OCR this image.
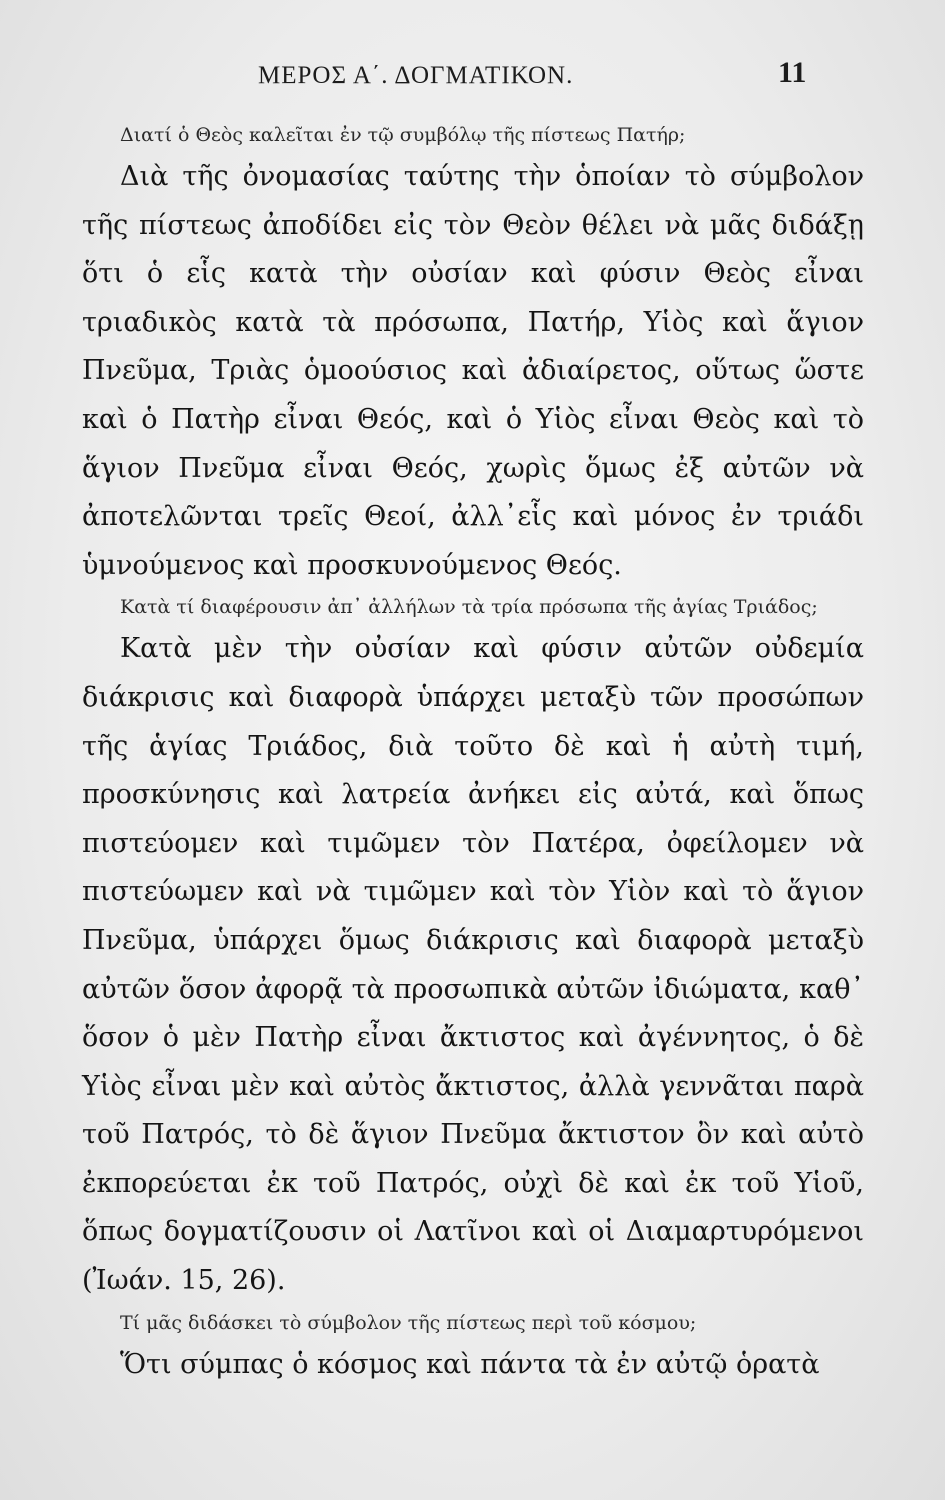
ΜΕΡΟΣ Α΄. ΔΟΓΜΑΤΙΚΟΝ.	11

Διατί ὁ Θεὸς καλεῖται ἐν τῷ συμβόλῳ τῆς πίστεως Πατήρ;

Διὰ τῆς ὀνομασίας ταύτης τὴν ὁποίαν τὸ σύμβολον τῆς πίστεως ἀποδίδει εἰς τὸν Θεὸν θέλει νὰ μᾶς διδάξῃ ὅτι ὁ εἷς κατὰ τὴν οὐσίαν καὶ φύσιν Θεὸς εἶναι τριαδικὸς κατὰ τὰ πρόσωπα, Πατήρ, Υἱὸς καὶ ἅγιον Πνεῦμα, Τριὰς ὁμοούσιος καὶ ἀδιαίρετος, οὕτως ὥστε καὶ ὁ Πατὴρ εἶναι Θεός, καὶ ὁ Υἱὸς εἶναι Θεὸς καὶ τὸ ἅγιον Πνεῦμα εἶναι Θεός, χωρὶς ὅμως ἐξ αὐτῶν νὰ ἀποτελῶνται τρεῖς Θεοί, ἀλλ᾿εἷς καὶ μόνος ἐν τριάδι ὑμνούμενος καὶ προσκυνούμενος Θεός.

Κατὰ τί διαφέρουσιν ἀπ᾿ ἀλλήλων τὰ τρία πρόσωπα τῆς ἁγίας Τριάδος;

Κατὰ μὲν τὴν οὐσίαν καὶ φύσιν αὐτῶν οὐδεμία διάκρισις καὶ διαφορὰ ὑπάρχει μεταξὺ τῶν προσώπων τῆς ἁγίας Τριάδος, διὰ τοῦτο δὲ καὶ ἡ αὐτὴ τιμή, προσκύνησις καὶ λατρεία ἀνήκει εἰς αὐτά, καὶ ὅπως πιστεύομεν καὶ τιμῶμεν τὸν Πατέρα, ὀφείλομεν νὰ πιστεύωμεν καὶ νὰ τιμῶμεν καὶ τὸν Υἱὸν καὶ τὸ ἅγιον Πνεῦμα, ὑπάρχει ὅμως διάκρισις καὶ διαφορὰ μεταξὺ αὐτῶν ὅσον ἀφορᾷ τὰ προσωπικὰ αὐτῶν ἰδιώματα, καθ᾿ ὅσον ὁ μὲν Πατὴρ εἶναι ἄκτιστος καὶ ἀγέννητος, ὁ δὲ Υἱὸς εἶναι μὲν καὶ αὐτὸς ἄκτιστος, ἀλλὰ γεννᾶται παρὰ τοῦ Πατρός, τὸ δὲ ἅγιον Πνεῦμα ἄκτιστον ὂν καὶ αὐτὸ ἐκπορεύεται ἐκ τοῦ Πατρός, οὐχὶ δὲ καὶ ἐκ τοῦ Υἱοῦ, ὅπως δογματίζουσιν οἱ Λατῖνοι καὶ οἱ Διαμαρτυρόμενοι (Ἰωάν. 15, 26).

Τί μᾶς διδάσκει τὸ σύμβολον τῆς πίστεως περὶ τοῦ κόσμου;

Ὅτι σύμπας ὁ κόσμος καὶ πάντα τὰ ἐν αὐτῷ ὁρατὰ
